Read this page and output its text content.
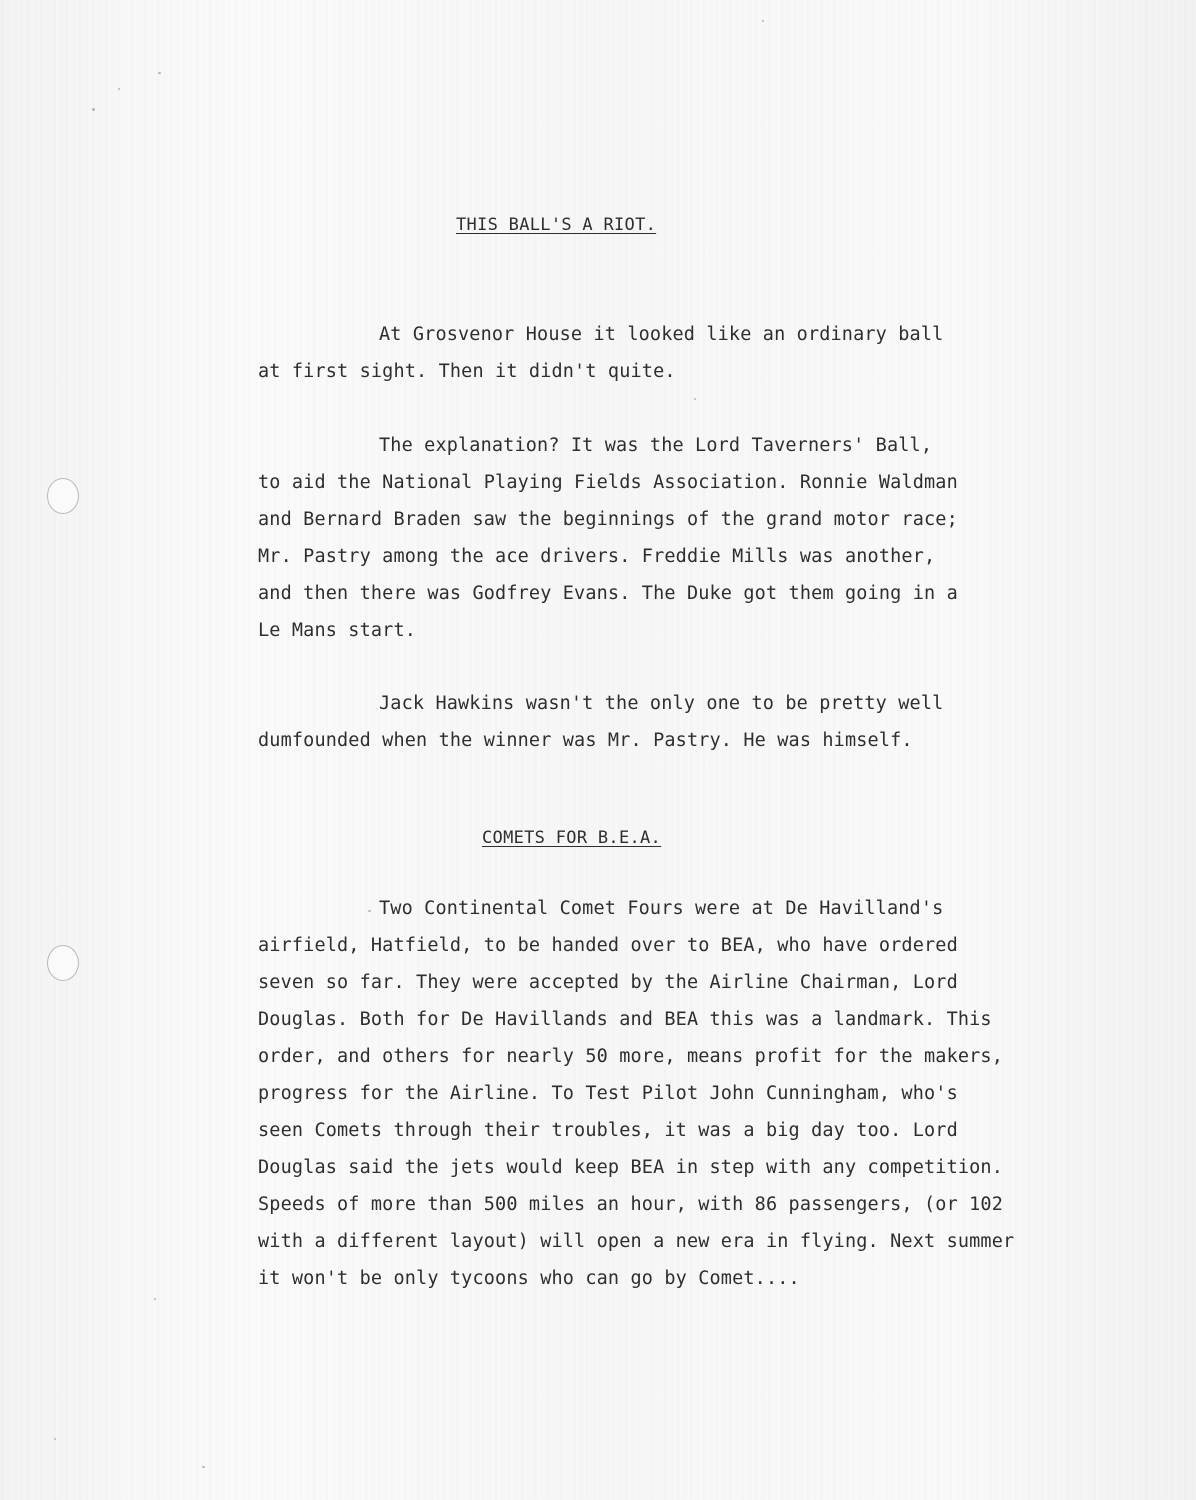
THIS BALL'S A RIOT.

At Grosvenor House it looked like an ordinary ball
at first sight. Then it didn't quite.

The explanation? It was the Lord Taverners' Ball,
to aid the National Playing Fields Association. Ronnie Waldman
and Bernard Braden saw the beginnings of the grand motor race;
Mr. Pastry among the ace drivers. Freddie Mills was another,
and then there was Godfrey Evans. The Duke got them going in a
Le Mans start.

Jack Hawkins wasn't the only one to be pretty well
dumfounded when the winner was Mr. Pastry. He was himself.

COMETS FOR B.E.A.

Two Continental Comet Fours were at De Havilland's
airfield, Hatfield, to be handed over to BEA, who have ordered
seven so far. They were accepted by the Airline Chairman, Lord
Douglas. Both for De Havillands and BEA this was a landmark. This
order, and others for nearly 50 more, means profit for the makers,
progress for the Airline. To Test Pilot John Cunningham, who's
seen Comets through their troubles, it was a big day too. Lord
Douglas said the jets would keep BEA in step with any competition.
Speeds of more than 500 miles an hour, with 86 passengers, (or 102
with a different layout) will open a new era in flying. Next summer
it won't be only tycoons who can go by Comet....
